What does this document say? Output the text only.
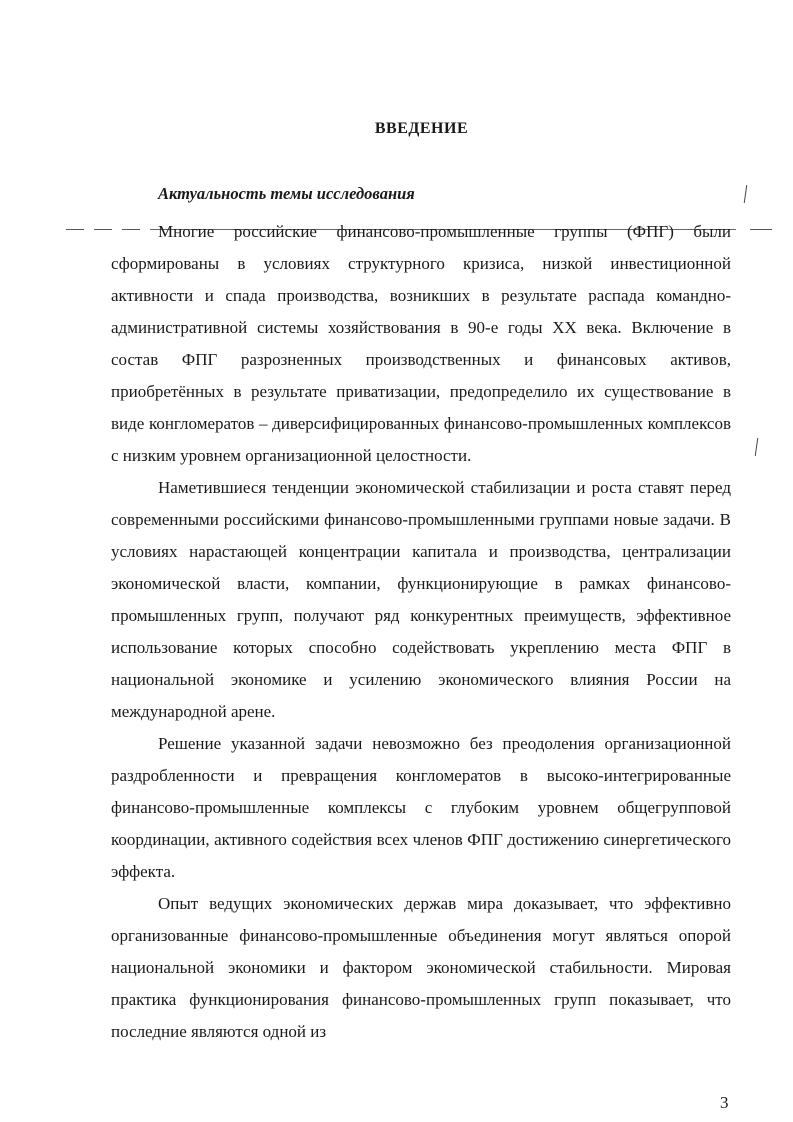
ВВЕДЕНИЕ
Актуальность темы исследования

Многие российские финансово-промышленные группы (ФПГ) были сформированы в условиях структурного кризиса, низкой инвестиционной активности и спада производства, возникших в результате распада командно-административной системы хозяйствования в 90-е годы XX века. Включение в состав ФПГ разрозненных производственных и финансовых активов, приобретённых в результате приватизации, предопределило их существование в виде конгломератов – диверсифицированных финансово-промышленных комплексов с низким уровнем организационной целостности.

Наметившиеся тенденции экономической стабилизации и роста ставят перед современными российскими финансово-промышленными группами новые задачи. В условиях нарастающей концентрации капитала и производства, централизации экономической власти, компании, функционирующие в рамках финансово-промышленных групп, получают ряд конкурентных преимуществ, эффективное использование которых способно содействовать укреплению места ФПГ в национальной экономике и усилению экономического влияния России на международной арене.

Решение указанной задачи невозможно без преодоления организационной раздробленности и превращения конгломератов в высоко-интегрированные финансово-промышленные комплексы с глубоким уровнем общегрупповой координации, активного содействия всех членов ФПГ достижению синергетического эффекта.

Опыт ведущих экономических держав мира доказывает, что эффективно организованные финансово-промышленные объединения могут являться опорой национальной экономики и фактором экономической стабильности. Мировая практика функционирования финансово-промышленных групп показывает, что последние являются одной из

3
